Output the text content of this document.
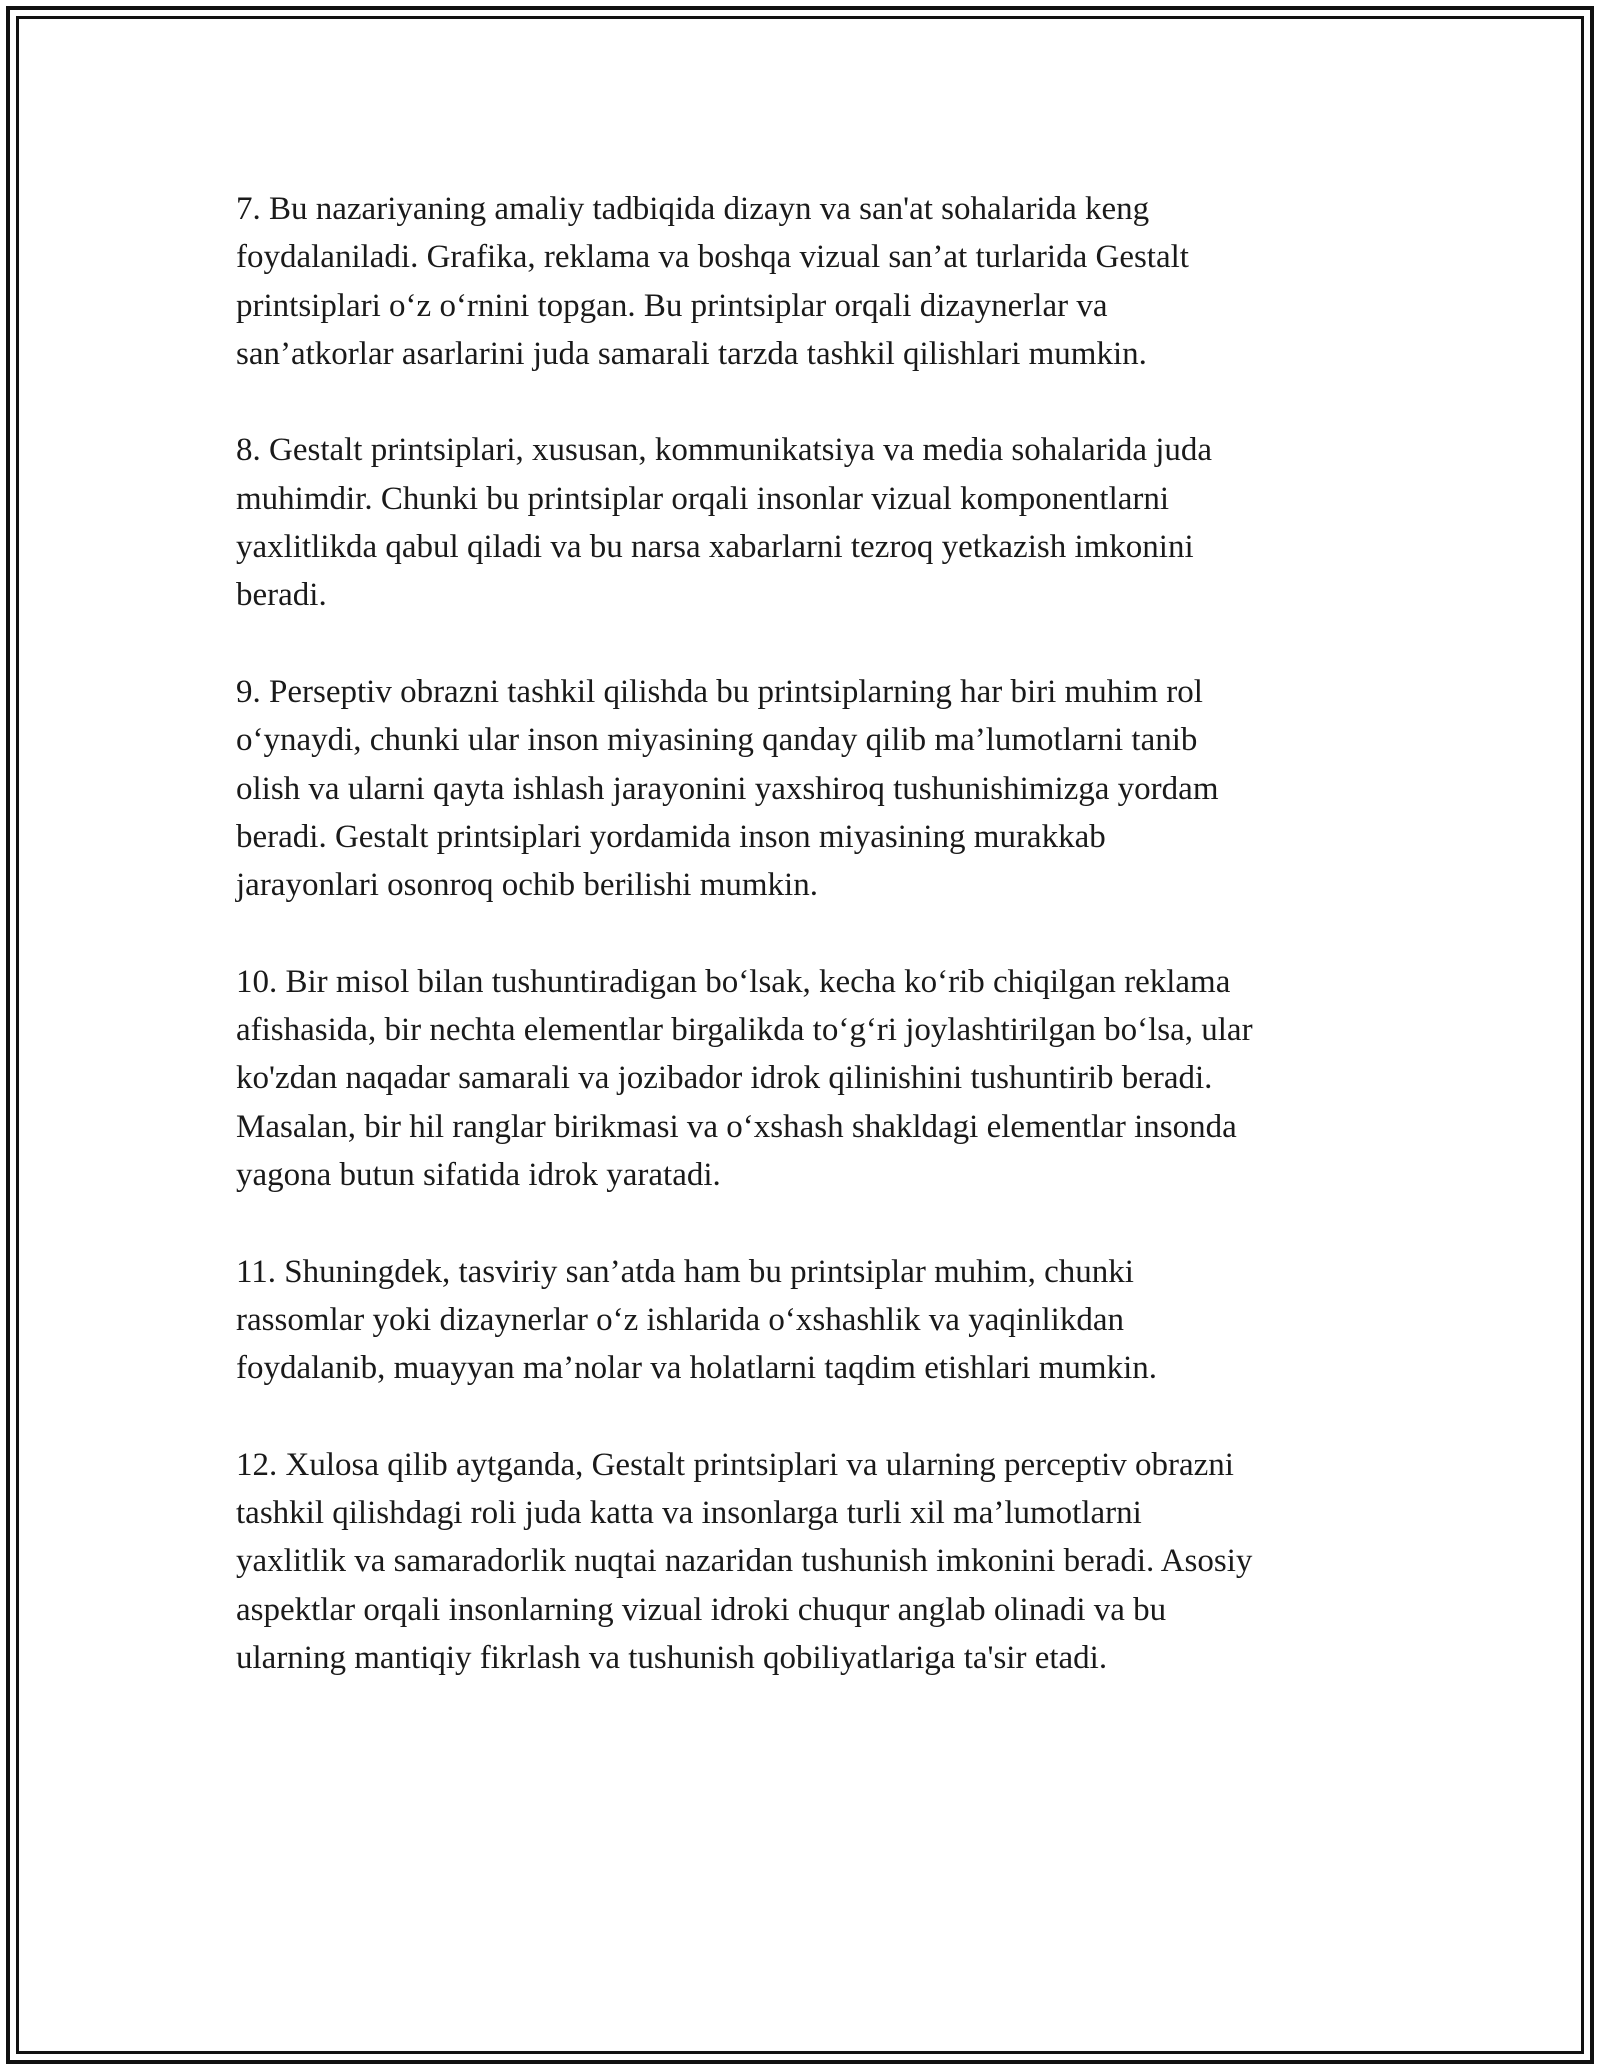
7. Bu nazariyaning amaliy tadbiqida dizayn va san'at sohalarida keng
foydalaniladi. Grafika, reklama va boshqa vizual san’at turlarida Gestalt
printsiplari o‘z o‘rnini topgan. Bu printsiplar orqali dizaynerlar va
san’atkorlar asarlarini juda samarali tarzda tashkil qilishlari mumkin.

8. Gestalt printsiplari, xususan, kommunikatsiya va media sohalarida juda
muhimdir. Chunki bu printsiplar orqali insonlar vizual komponentlarni
yaxlitlikda qabul qiladi va bu narsa xabarlarni tezroq yetkazish imkonini
beradi.

9. Perseptiv obrazni tashkil qilishda bu printsiplarning har biri muhim rol
o‘ynaydi, chunki ular inson miyasining qanday qilib ma’lumotlarni tanib
olish va ularni qayta ishlash jarayonini yaxshiroq tushunishimizga yordam
beradi. Gestalt printsiplari yordamida inson miyasining murakkab
jarayonlari osonroq ochib berilishi mumkin.

10. Bir misol bilan tushuntiradigan bo‘lsak, kecha ko‘rib chiqilgan reklama
afishasida, bir nechta elementlar birgalikda to‘g‘ri joylashtirilgan bo‘lsa, ular
ko'zdan naqadar samarali va jozibador idrok qilinishini tushuntirib beradi.
Masalan, bir hil ranglar birikmasi va o‘xshash shakldagi elementlar insonda
yagona butun sifatida idrok yaratadi.

11. Shuningdek, tasviriy san’atda ham bu printsiplar muhim, chunki
rassomlar yoki dizaynerlar o‘z ishlarida o‘xshashlik va yaqinlikdan
foydalanib, muayyan ma’nolar va holatlarni taqdim etishlari mumkin.

12. Xulosa qilib aytganda, Gestalt printsiplari va ularning perceptiv obrazni
tashkil qilishdagi roli juda katta va insonlarga turli xil ma’lumotlarni
yaxlitlik va samaradorlik nuqtai nazaridan tushunish imkonini beradi. Asosiy
aspektlar orqali insonlarning vizual idroki chuqur anglab olinadi va bu
ularning mantiqiy fikrlash va tushunish qobiliyatlariga ta'sir etadi.
